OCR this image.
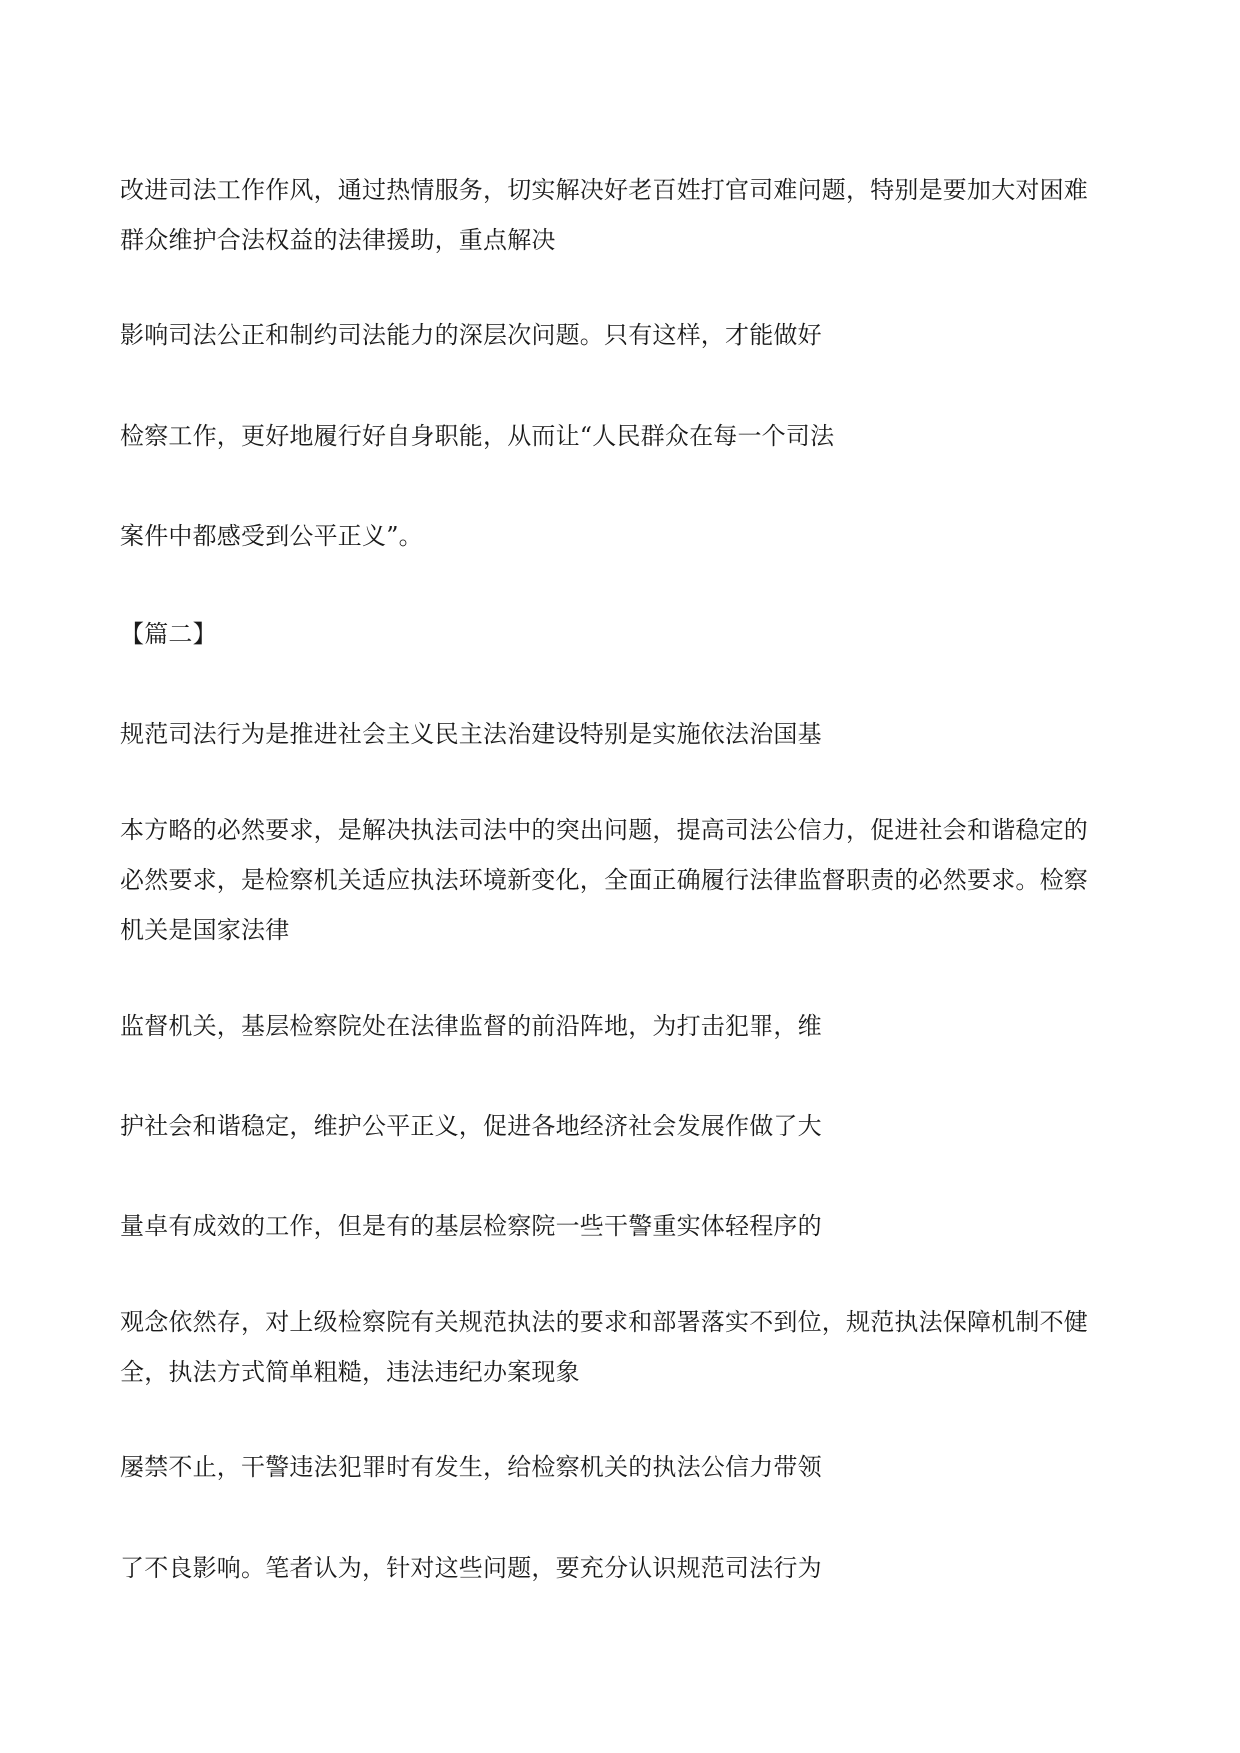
改进司法工作作风，通过热情服务，切实解决好老百姓打官司难问题，特别是要加大对困难
群众维护合法权益的法律援助，重点解决
影响司法公正和制约司法能力的深层次问题。只有这样，才能做好
检察工作，更好地履行好自身职能，从而让“人民群众在每一个司法
案件中都感受到公平正义”。
【篇二】
规范司法行为是推进社会主义民主法治建设特别是实施依法治国基
本方略的必然要求，是解决执法司法中的突出问题，提高司法公信力，促进社会和谐稳定的
必然要求，是检察机关适应执法环境新变化，全面正确履行法律监督职责的必然要求。检察
机关是国家法律
监督机关，基层检察院处在法律监督的前沿阵地，为打击犯罪，维
护社会和谐稳定，维护公平正义，促进各地经济社会发展作做了大
量卓有成效的工作，但是有的基层检察院一些干警重实体轻程序的
观念依然存，对上级检察院有关规范执法的要求和部署落实不到位，规范执法保障机制不健
全，执法方式简单粗糙，违法违纪办案现象
屡禁不止，干警违法犯罪时有发生，给检察机关的执法公信力带领
了不良影响。笔者认为，针对这些问题，要充分认识规范司法行为
